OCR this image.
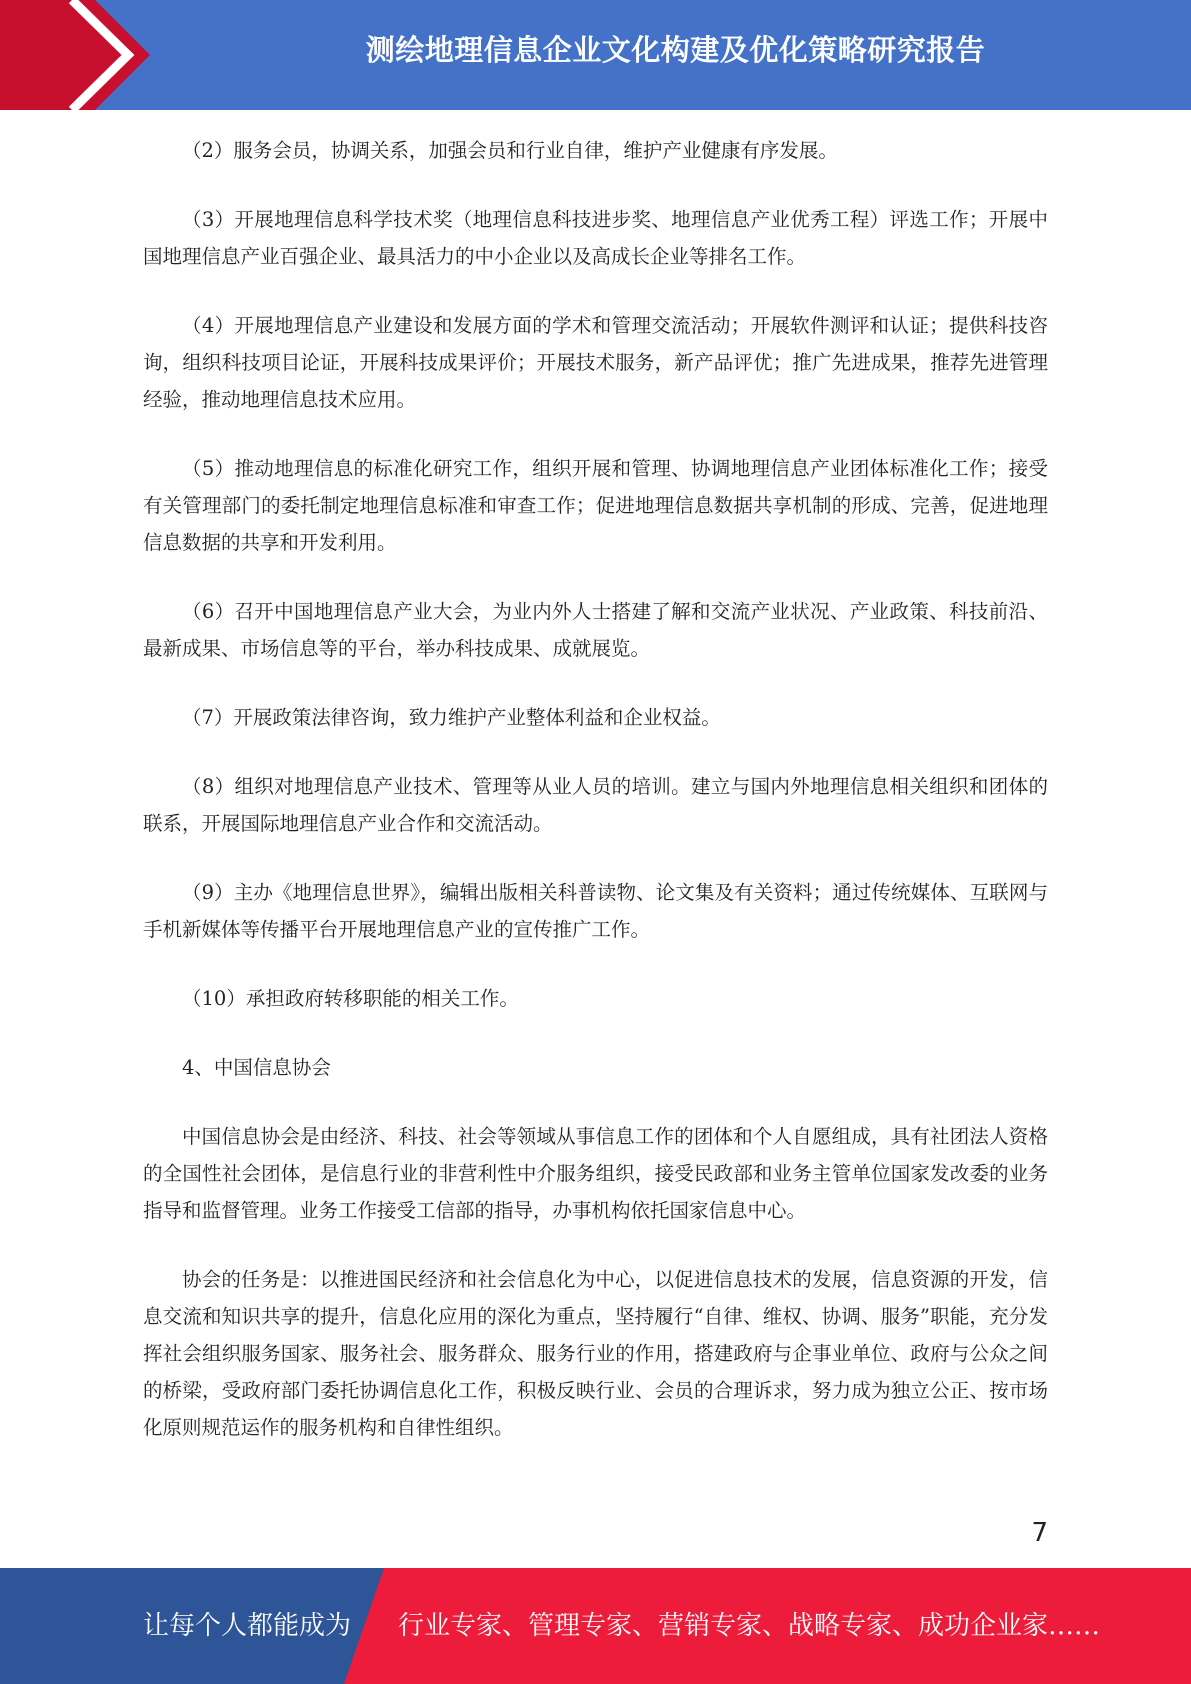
测绘地理信息企业文化构建及优化策略研究报告

（2）服务会员，协调关系，加强会员和行业自律，维护产业健康有序发展。

（3）开展地理信息科学技术奖（地理信息科技进步奖、地理信息产业优秀工程）评选工作；开展中国地理信息产业百强企业、最具活力的中小企业以及高成长企业等排名工作。

（4）开展地理信息产业建设和发展方面的学术和管理交流活动；开展软件测评和认证；提供科技咨询，组织科技项目论证，开展科技成果评价；开展技术服务，新产品评优；推广先进成果，推荐先进管理经验，推动地理信息技术应用。

（5）推动地理信息的标准化研究工作，组织开展和管理、协调地理信息产业团体标准化工作；接受有关管理部门的委托制定地理信息标准和审查工作；促进地理信息数据共享机制的形成、完善，促进地理信息数据的共享和开发利用。

（6）召开中国地理信息产业大会，为业内外人士搭建了解和交流产业状况、产业政策、科技前沿、最新成果、市场信息等的平台，举办科技成果、成就展览。

（7）开展政策法律咨询，致力维护产业整体利益和企业权益。

（8）组织对地理信息产业技术、管理等从业人员的培训。建立与国内外地理信息相关组织和团体的联系，开展国际地理信息产业合作和交流活动。

（9）主办《地理信息世界》，编辑出版相关科普读物、论文集及有关资料；通过传统媒体、互联网与手机新媒体等传播平台开展地理信息产业的宣传推广工作。

（10）承担政府转移职能的相关工作。

4、中国信息协会

中国信息协会是由经济、科技、社会等领域从事信息工作的团体和个人自愿组成，具有社团法人资格的全国性社会团体，是信息行业的非营利性中介服务组织，接受民政部和业务主管单位国家发改委的业务指导和监督管理。业务工作接受工信部的指导，办事机构依托国家信息中心。

协会的任务是：以推进国民经济和社会信息化为中心，以促进信息技术的发展，信息资源的开发，信息交流和知识共享的提升，信息化应用的深化为重点，坚持履行“自律、维权、协调、服务”职能，充分发挥社会组织服务国家、服务社会、服务群众、服务行业的作用，搭建政府与企事业单位、政府与公众之间的桥梁，受政府部门委托协调信息化工作，积极反映行业、会员的合理诉求，努力成为独立公正、按市场化原则规范运作的服务机构和自律性组织。

7
让每个人都能成为 行业专家、管理专家、营销专家、战略专家、成功企业家……
